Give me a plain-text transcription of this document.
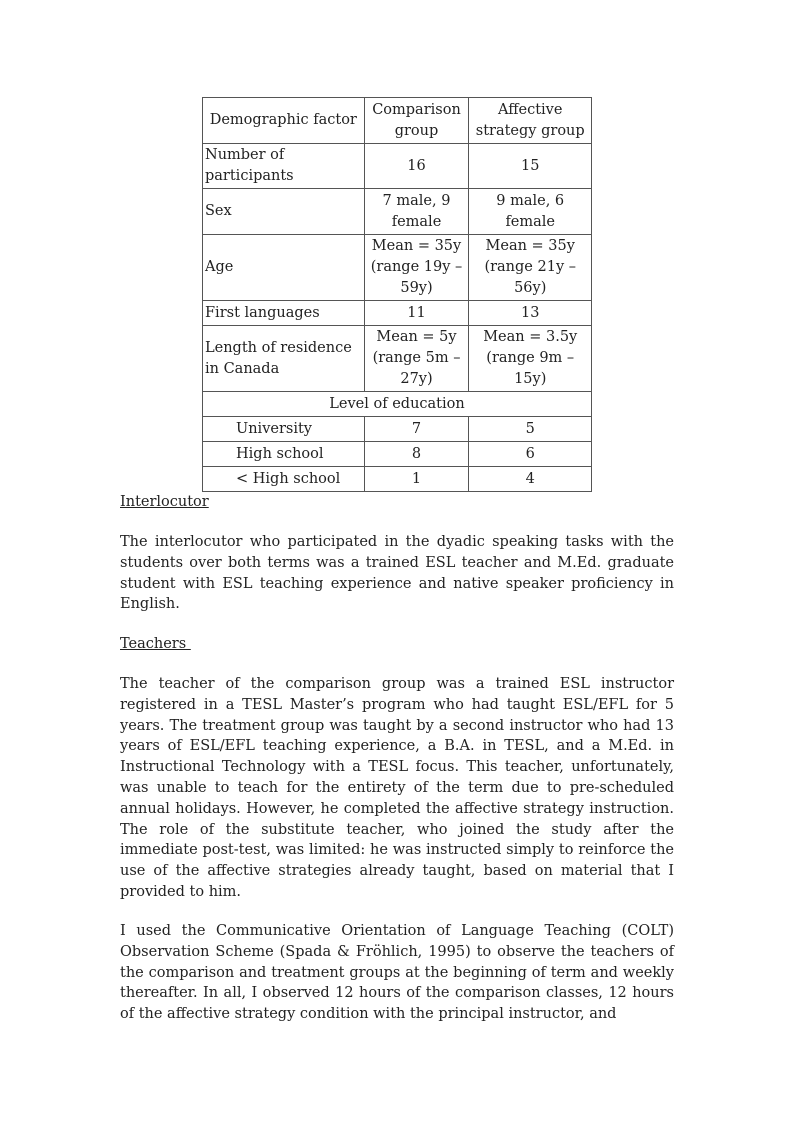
Demographic factor	Comparison group	Affective strategy group
Number of participants	16	15
Sex	7 male, 9 female	9 male, 6 female
Age	Mean = 35y (range 19y – 59y)	Mean = 35y (range 21y – 56y)
First languages	11	13
Length of residence in Canada	Mean = 5y (range 5m – 27y)	Mean = 3.5y (range 9m – 15y)
Level of education		
University	7	5
High school	8	6
< High school	1	4
Interlocutor
The interlocutor who participated in the dyadic speaking tasks with the students over both terms was a trained ESL teacher and M.Ed. graduate student with ESL teaching experience and native speaker proficiency in English.
Teachers
The teacher of the comparison group was a trained ESL instructor registered in a TESL Master’s program who had taught ESL/EFL for 5 years. The treatment group was taught by a second instructor who had 13 years of ESL/EFL teaching experience, a B.A. in TESL, and a M.Ed. in Instructional Technology with a TESL focus. This teacher, unfortunately, was unable to teach for the entirety of the term due to pre-scheduled annual holidays. However, he completed the affective strategy instruction. The role of the substitute teacher, who joined the study after the immediate post-test, was limited: he was instructed simply to reinforce the use of the affective strategies already taught, based on material that I provided to him.
I used the Communicative Orientation of Language Teaching (COLT) Observation Scheme (Spada & Fröhlich, 1995) to observe the teachers of the comparison and treatment groups at the beginning of term and weekly thereafter. In all, I observed 12 hours of the comparison classes, 12 hours of the affective strategy condition with the principal instructor, and
